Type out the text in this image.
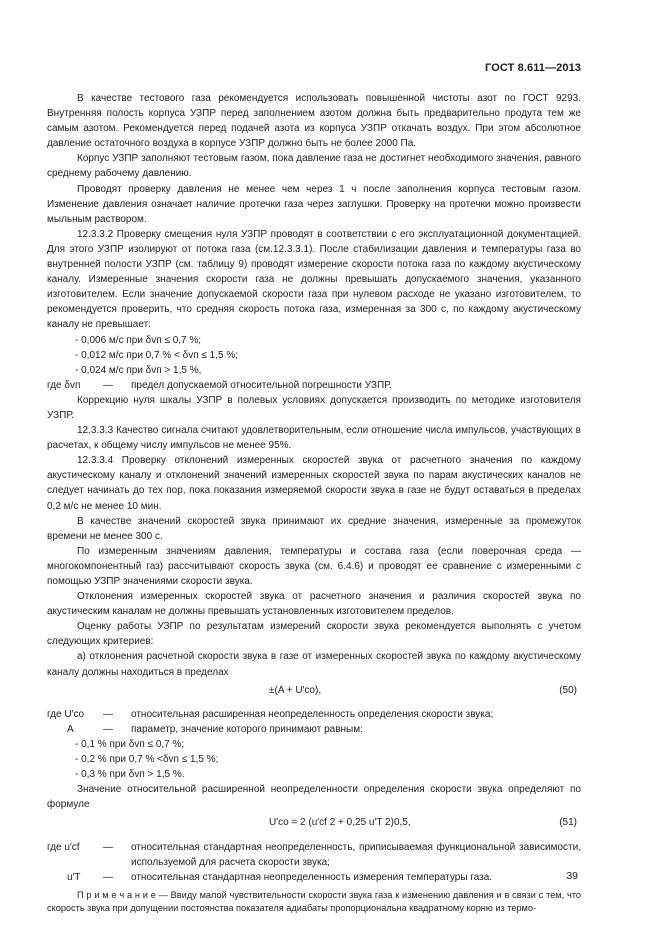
ГОСТ 8.611—2013

В качестве тестового газа рекомендуется использовать повышенной чистоты азот по ГОСТ 9293. Внутренняя полость корпуса УЗПР перед заполнением азотом должна быть предварительно продута тем же самым азотом. Рекомендуется перед подачей азота из корпуса УЗПР откачать воздух. При этом абсолютное давление остаточного воздуха в корпусе УЗПР должно быть не более 2000 Па.

Корпус УЗПР заполняют тестовым газом, пока давление газа не достигнет необходимого значения, равного среднему рабочему давлению.

Проводят проверку давления не менее чем через 1 ч после заполнения корпуса тестовым газом. Изменение давления означает наличие протечки газа через заглушки. Проверку на протечки можно произвести мыльным раствором.

12.3.3.2 Проверку смещения нуля УЗПР проводят в соответствии с его эксплуатационной документацией. Для этого УЗПР изолируют от потока газа (см.12.3.3.1). После стабилизации давления и температуры газа во внутренней полости УЗПР (см. таблицу 9) проводят измерение скорости потока газа по каждому акустическому каналу. Измеренные значения скорости газа не должны превышать допускаемого значения, указанного изготовителем. Если значение допускаемой скорости газа при нулевом расходе не указано изготовителем, то рекомендуется проверить, что средняя скорость потока газа, измеренная за 300 с, по каждому акустическому каналу не превышает:

- 0,006 м/с при δvп ≤ 0,7 %;

- 0,012 м/с при 0,7 % < δvп ≤ 1,5 %;

- 0,024 м/с при δvп > 1,5 %,

где δvп	—	предел допускаемой относительной погрешности УЗПР.

Коррекцию нуля шкалы УЗПР в полевых условиях допускается производить по методике изготовителя УЗПР.

12.3.3.3 Качество сигнала считают удовлетворительным, если отношение числа импульсов, участвующих в расчетах, к общему числу импульсов не менее 95%.

12.3.3.4 Проверку отклонений измеренных скоростей звука от расчетного значения по каждому акустическому каналу и отклонений значений измеренных скоростей звука по парам акустических каналов не следует начинать до тех пор, пока показания измеряемой скорости звука в газе не будут оставаться в пределах 0,2 м/с не менее 10 мин.

В качестве значений скоростей звука принимают их средние значения, измеренные за промежуток времени не менее 300 с.

По измеренным значениям давления, температуры и состава газа (если поверочная среда — многокомпонентный газ) рассчитывают скорость звука (см. 6.4.6) и проводят ее сравнение с измеренными с помощью УЗПР значениями скорости звука.

Отклонения измеренных скоростей звука от расчетного значения и различия скоростей звука по акустическим каналам не должны превышать установленных изготовителем пределов.

Оценку работы УЗПР по результатам измерений скорости звука рекомендуется выполнять с учетом следующих критериев:

а) отклонения расчетной скорости звука в газе от измеренных скоростей звука по каждому акустическому каналу должны находиться в пределах

±(A + U′cо),	(50)
где U′cо	—	относительная расширенная неопределенность определения скорости звука;
A	—	параметр, значение которого принимают равным:

- 0,1 % при δvп ≤ 0,7 %;

- 0,2 % при 0,7 % <δvп ≤ 1,5 %;

- 0,3 % при δvп > 1,5 %.

Значение относительной расширенной неопределенности определения скорости звука определяют по формуле

U′cо = 2 (u′cf 2 + 0,25 u′T 2)0,5,	(51)
где u′cf	—	относительная стандартная неопределенность, приписываемая функциональной зависимости, используемой для расчета скорости звука;
u′T	—	относительная стандартная неопределенность измерения температуры газа.

П р и м е ч а н и е — Ввиду малой чувствительности скорости звука газа к изменению давления и в связи с тем, что скорость звука при допущении постоянства показателя адиабаты пропорциональна квадратному корню из термо-

39
